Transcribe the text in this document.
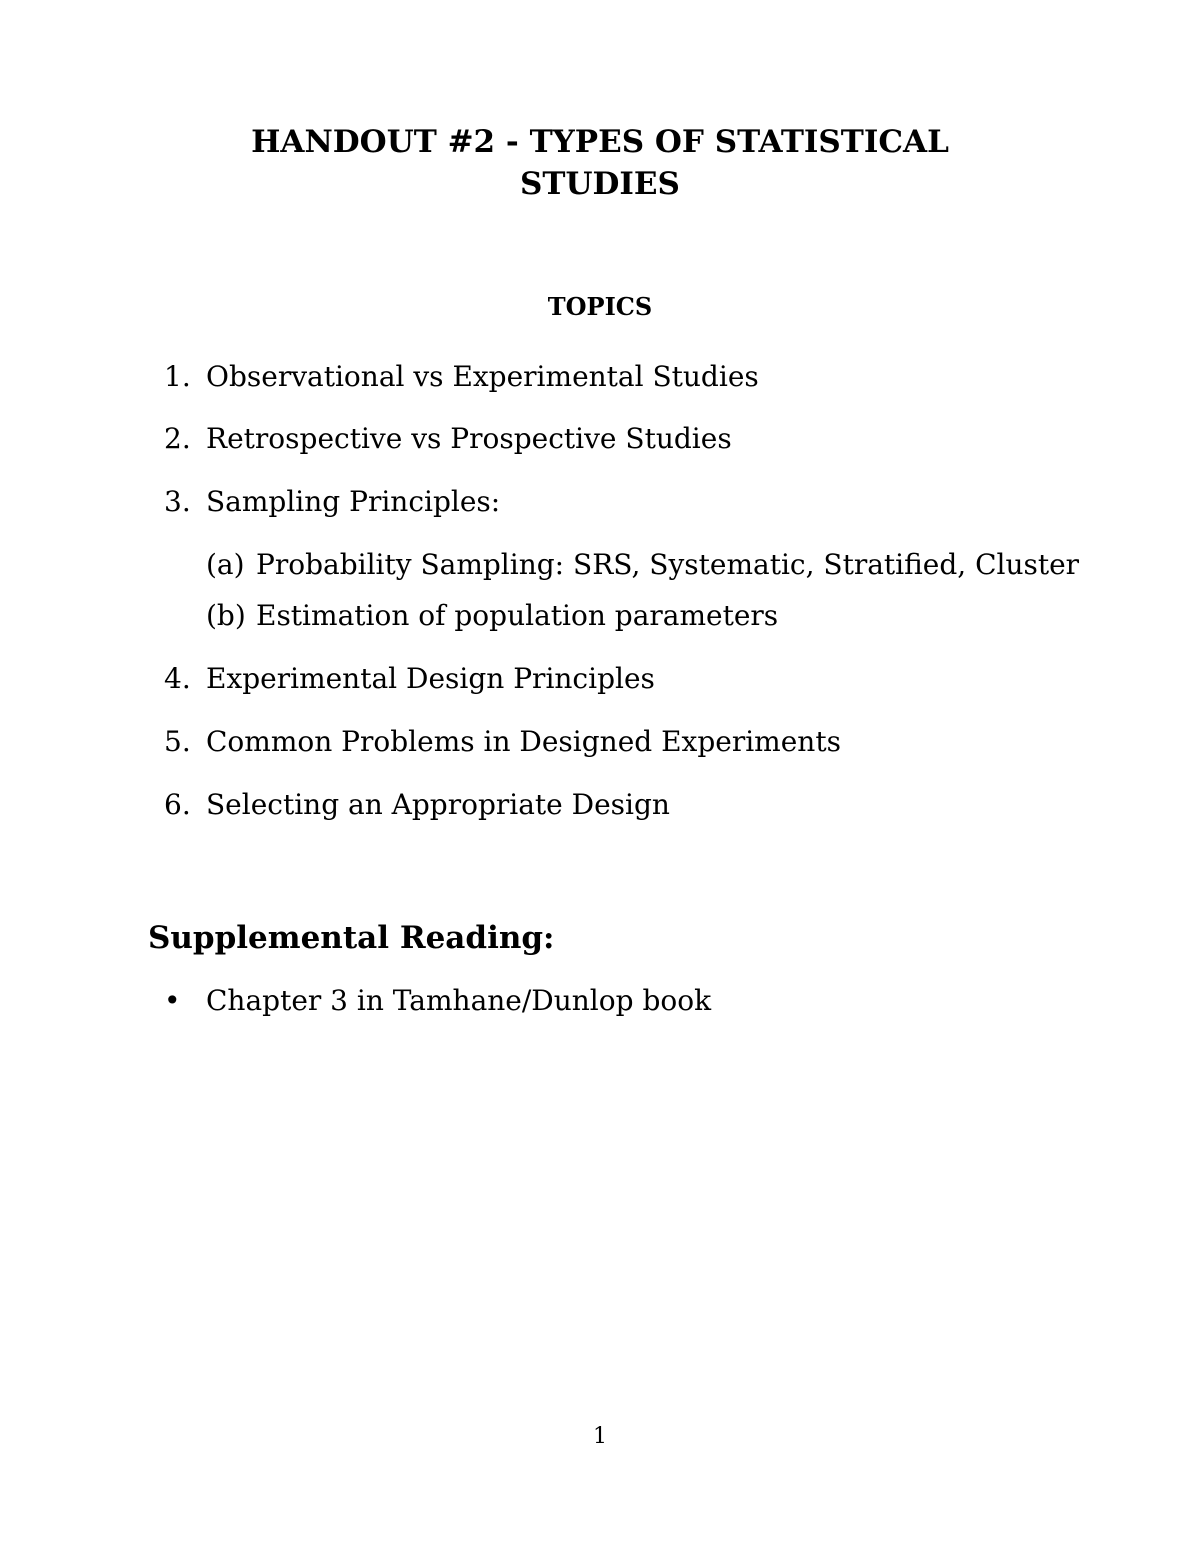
HANDOUT #2 - TYPES OF STATISTICAL
STUDIES
TOPICS
1. Observational vs Experimental Studies
2. Retrospective vs Prospective Studies
3. Sampling Principles:
(a) Probability Sampling: SRS, Systematic, Stratified, Cluster
(b) Estimation of population parameters
4. Experimental Design Principles
5. Common Problems in Designed Experiments
6. Selecting an Appropriate Design
Supplemental Reading:
• Chapter 3 in Tamhane/Dunlop book
1
